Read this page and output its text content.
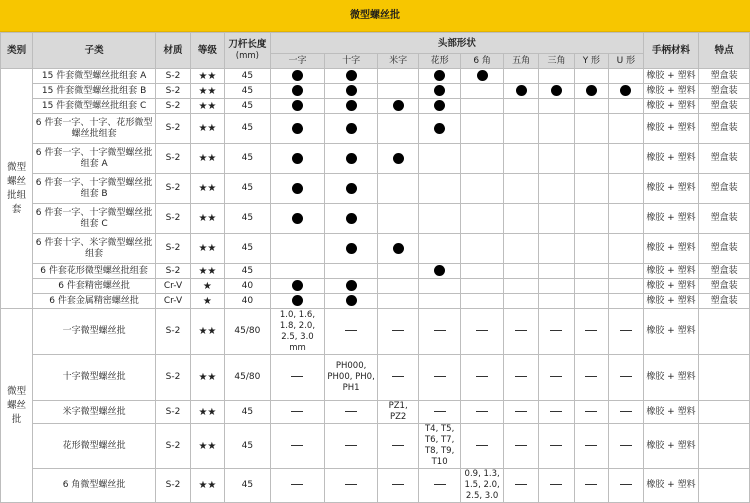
微型螺丝批
类别	子类	材质	等级	刀杆长度
(mm)	头部形状									手柄材料	特点
					一字	十字	米字	花形	6 角	五角	三角	Y 形	U 形		
微型螺丝批组套	15 件套微型螺丝批组套 A	S-2	★★	45										橡胶 + 塑料	塑盒装
	15 件套微型螺丝批组套 B	S-2	★★	45										橡胶 + 塑料	塑盒装
	15 件套微型螺丝批组套 C	S-2	★★	45										橡胶 + 塑料	塑盒装
	6 件套一字、十字、花形微型螺丝批组套	S-2	★★	45										橡胶 + 塑料	塑盒装
	6 件套一字、十字微型螺丝批组套 A	S-2	★★	45										橡胶 + 塑料	塑盒装
	6 件套一字、十字微型螺丝批组套 B	S-2	★★	45										橡胶 + 塑料	塑盒装
	6 件套一字、十字微型螺丝批组套 C	S-2	★★	45										橡胶 + 塑料	塑盒装
	6 件套十字、米字微型螺丝批组套	S-2	★★	45										橡胶 + 塑料	塑盒装
	6 件套花形微型螺丝批组套	S-2	★★	45										橡胶 + 塑料	塑盒装
	6 件套精密螺丝批	Cr-V	★	40										橡胶 + 塑料	塑盒装
	6 件套金属精密螺丝批	Cr-V	★	40										橡胶 + 塑料	塑盒装
微型螺丝批	一字微型螺丝批	S-2	★★	45/80	1.0, 1.6, 1.8, 2.0, 2.5, 3.0 mm									橡胶 + 塑料	
	十字微型螺丝批	S-2	★★	45/80		PH000, PH00, PH0, PH1								橡胶 + 塑料	
	米字微型螺丝批	S-2	★★	45			PZ1, PZ2							橡胶 + 塑料	
	花形微型螺丝批	S-2	★★	45				T4, T5, T6, T7, T8, T9, T10						橡胶 + 塑料	
	6 角微型螺丝批	S-2	★★	45					0.9, 1.3, 1.5, 2.0, 2.5, 3.0					橡胶 + 塑料	
